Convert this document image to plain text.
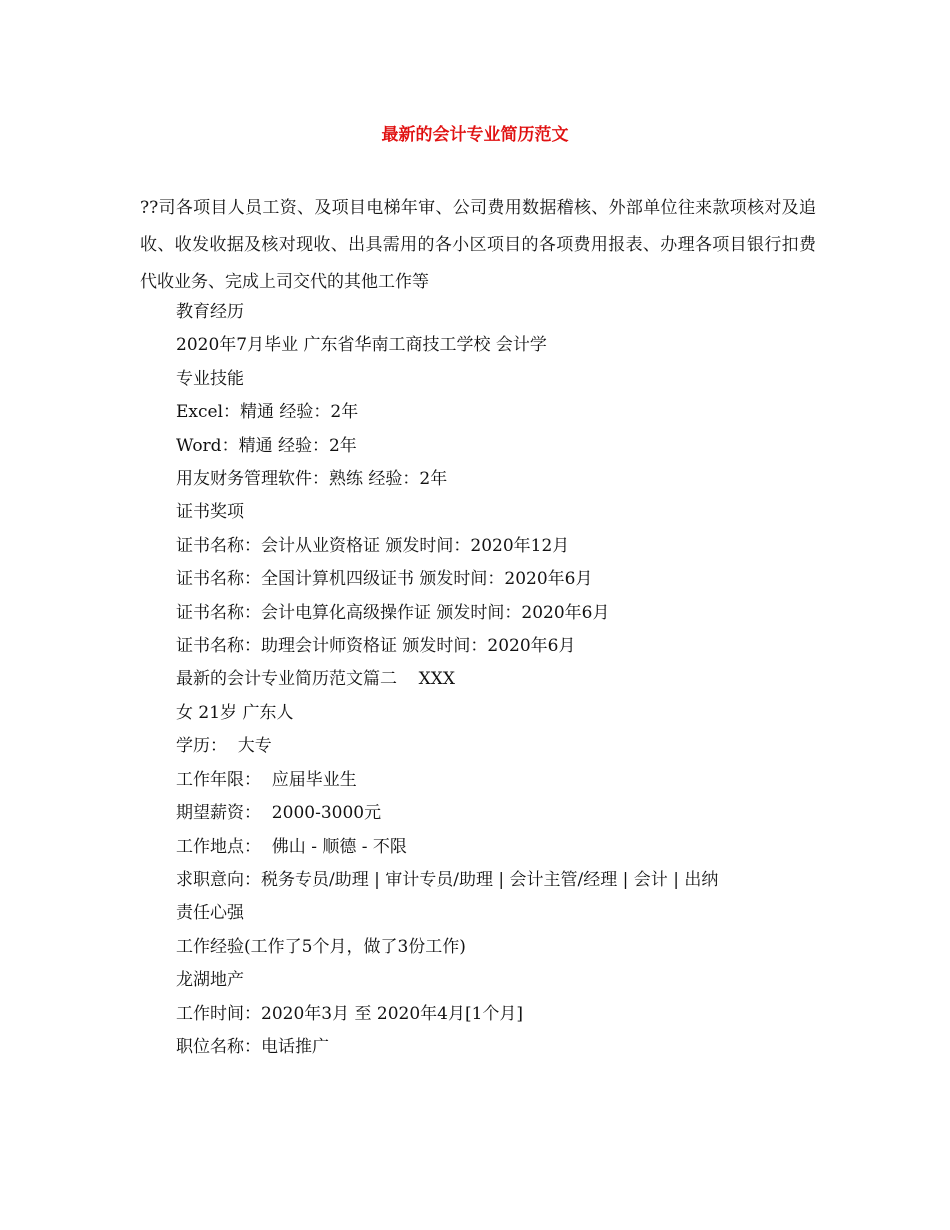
最新的会计专业简历范文
??司各项目人员工资、及项目电梯年审、公司费用数据稽核、外部单位往来款项核对及追收、收发收据及核对现收、出具需用的各小区项目的各项费用报表、办理各项目银行扣费代收业务、完成上司交代的其他工作等

教育经历

2020年7月毕业 广东省华南工商技工学校 会计学

专业技能

Excel：精通 经验：2年

Word：精通 经验：2年

用友财务管理软件：熟练 经验：2年

证书奖项

证书名称：会计从业资格证 颁发时间：2020年12月

证书名称：全国计算机四级证书 颁发时间：2020年6月

证书名称：会计电算化高级操作证 颁发时间：2020年6月

证书名称：助理会计师资格证 颁发时间：2020年6月

最新的会计专业简历范文篇二    XXX

女 21岁 广东人

学历：  大专

工作年限：  应届毕业生

期望薪资：  2000-3000元

工作地点：  佛山 - 顺德 - 不限

求职意向：税务专员/助理 | 审计专员/助理 | 会计主管/经理 | 会计 | 出纳

责任心强

工作经验(工作了5个月，做了3份工作)

龙湖地产

工作时间：2020年3月 至 2020年4月[1个月]

职位名称：电话推广
